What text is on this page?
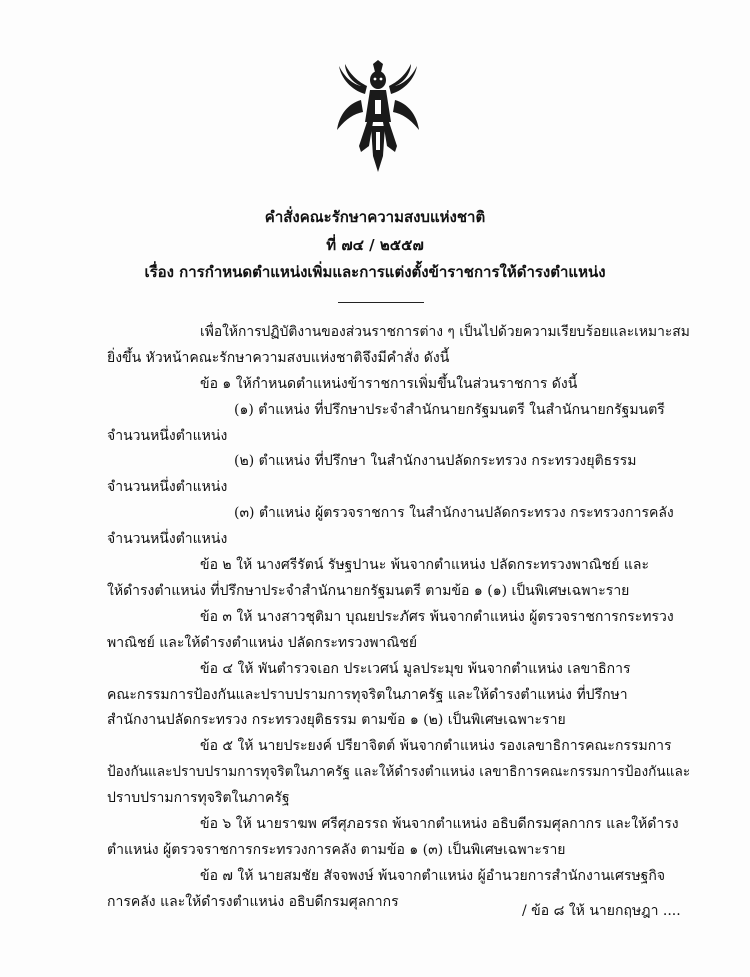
คำสั่งคณะรักษาความสงบแห่งชาติ
ที่ ๗๔ / ๒๕๕๗
เรื่อง การกำหนดตำแหน่งเพิ่มและการแต่งตั้งข้าราชการให้ดำรงตำแหน่ง
เพื่อให้การปฏิบัติงานของส่วนราชการต่าง ๆ เป็นไปด้วยความเรียบร้อยและเหมาะสม
ยิ่งขึ้น หัวหน้าคณะรักษาความสงบแห่งชาติจึงมีคำสั่ง ดังนี้
ข้อ ๑ ให้กำหนดตำแหน่งข้าราชการเพิ่มขึ้นในส่วนราชการ ดังนี้
(๑) ตำแหน่ง ที่ปรึกษาประจำสำนักนายกรัฐมนตรี ในสำนักนายกรัฐมนตรี
จำนวนหนึ่งตำแหน่ง
(๒) ตำแหน่ง ที่ปรึกษา ในสำนักงานปลัดกระทรวง กระทรวงยุติธรรม
จำนวนหนึ่งตำแหน่ง
(๓) ตำแหน่ง ผู้ตรวจราชการ ในสำนักงานปลัดกระทรวง กระทรวงการคลัง
จำนวนหนึ่งตำแหน่ง
ข้อ ๒ ให้ นางศรีรัตน์ รัษฐปานะ พ้นจากตำแหน่ง ปลัดกระทรวงพาณิชย์ และ
ให้ดำรงตำแหน่ง ที่ปรึกษาประจำสำนักนายกรัฐมนตรี ตามข้อ ๑ (๑) เป็นพิเศษเฉพาะราย
ข้อ ๓ ให้ นางสาวชุติมา บุณยประภัศร พ้นจากตำแหน่ง ผู้ตรวจราชการกระทรวง
พาณิชย์ และให้ดำรงตำแหน่ง ปลัดกระทรวงพาณิชย์
ข้อ ๔ ให้ พันตำรวจเอก ประเวศน์ มูลประมุข พ้นจากตำแหน่ง เลขาธิการ
คณะกรรมการป้องกันและปราบปรามการทุจริตในภาครัฐ และให้ดำรงตำแหน่ง ที่ปรึกษา
สำนักงานปลัดกระทรวง กระทรวงยุติธรรม ตามข้อ ๑ (๒) เป็นพิเศษเฉพาะราย
ข้อ ๕ ให้ นายประยงค์ ปรียาจิตต์ พ้นจากตำแหน่ง รองเลขาธิการคณะกรรมการ
ป้องกันและปราบปรามการทุจริตในภาครัฐ และให้ดำรงตำแหน่ง เลขาธิการคณะกรรมการป้องกันและ
ปราบปรามการทุจริตในภาครัฐ
ข้อ ๖ ให้ นายราฆพ ศรีศุภอรรถ พ้นจากตำแหน่ง อธิบดีกรมศุลกากร และให้ดำรง
ตำแหน่ง ผู้ตรวจราชการกระทรวงการคลัง ตามข้อ ๑ (๓) เป็นพิเศษเฉพาะราย
ข้อ ๗ ให้ นายสมชัย สัจจพงษ์ พ้นจากตำแหน่ง ผู้อำนวยการสำนักงานเศรษฐกิจ
การคลัง และให้ดำรงตำแหน่ง อธิบดีกรมศุลกากร
/ ข้อ ๘ ให้ นายกฤษฎา ....
